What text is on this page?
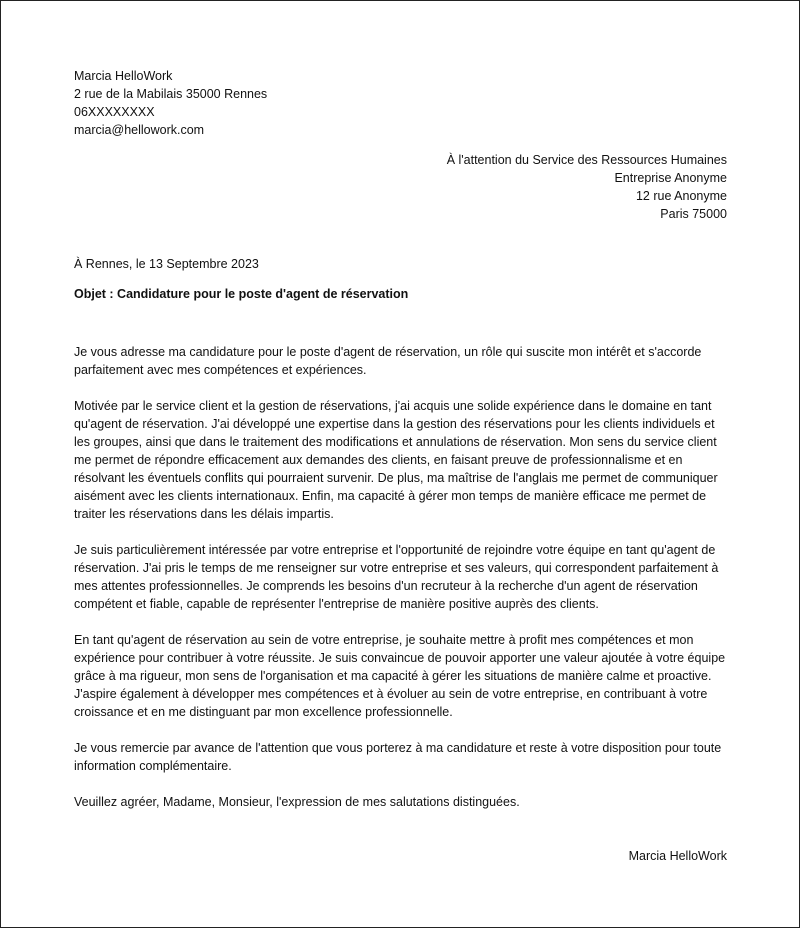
Marcia HelloWork
2 rue de la Mabilais 35000 Rennes
06XXXXXXXX
marcia@hellowork.com
À l'attention du Service des Ressources Humaines
Entreprise Anonyme
12 rue Anonyme
Paris 75000
À Rennes, le 13 Septembre 2023
Objet : Candidature pour le poste d'agent de réservation

Je vous adresse ma candidature pour le poste d'agent de réservation, un rôle qui suscite mon intérêt et s'accorde parfaitement avec mes compétences et expériences.

Motivée par le service client et la gestion de réservations, j'ai acquis une solide expérience dans le domaine en tant qu'agent de réservation. J'ai développé une expertise dans la gestion des réservations pour les clients individuels et les groupes, ainsi que dans le traitement des modifications et annulations de réservation. Mon sens du service client me permet de répondre efficacement aux demandes des clients, en faisant preuve de professionnalisme et en résolvant les éventuels conflits qui pourraient survenir. De plus, ma maîtrise de l'anglais me permet de communiquer aisément avec les clients internationaux. Enfin, ma capacité à gérer mon temps de manière efficace me permet de traiter les réservations dans les délais impartis.

Je suis particulièrement intéressée par votre entreprise et l'opportunité de rejoindre votre équipe en tant qu'agent de réservation. J'ai pris le temps de me renseigner sur votre entreprise et ses valeurs, qui correspondent parfaitement à mes attentes professionnelles. Je comprends les besoins d'un recruteur à la recherche d'un agent de réservation compétent et fiable, capable de représenter l'entreprise de manière positive auprès des clients.

En tant qu'agent de réservation au sein de votre entreprise, je souhaite mettre à profit mes compétences et mon expérience pour contribuer à votre réussite. Je suis convaincue de pouvoir apporter une valeur ajoutée à votre équipe grâce à ma rigueur, mon sens de l'organisation et ma capacité à gérer les situations de manière calme et proactive. J'aspire également à développer mes compétences et à évoluer au sein de votre entreprise, en contribuant à votre croissance et en me distinguant par mon excellence professionnelle.

Je vous remercie par avance de l'attention que vous porterez à ma candidature et reste à votre disposition pour toute information complémentaire.

Veuillez agréer, Madame, Monsieur, l'expression de mes salutations distinguées.

Marcia HelloWork
